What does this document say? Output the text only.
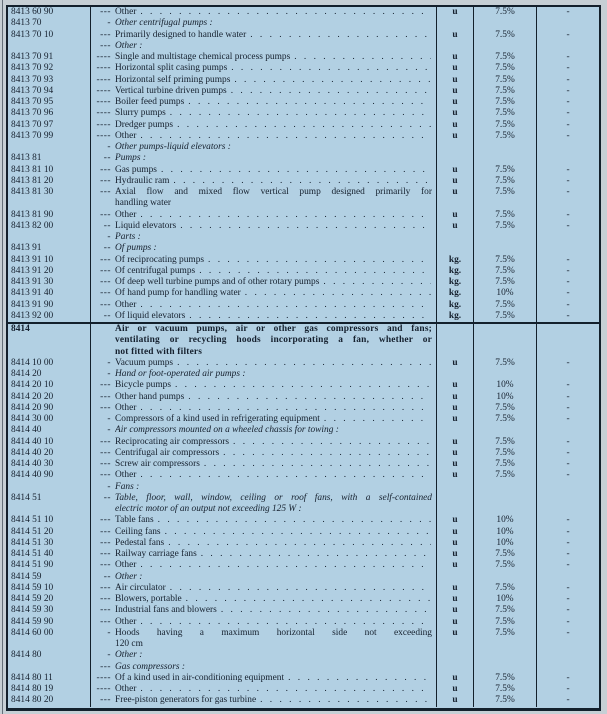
8413 60 90	--- Other . . .	u	7.5%	-
8413 70	- Other centrifugal pumps :
8413 70 10	--- Primarily designed to handle water . . .	u	7.5%	-
--- Other :
8413 70 91	---- Single and multistage chemical process pumps . . .	u	7.5%	-
8413 70 92	---- Horizontal split casing pumps . . .	u	7.5%	-
8413 70 93	---- Horizontal self priming pumps . . .	u	7.5%	-
8413 70 94	---- Vertical turbine driven pumps . . .	u	7.5%	-
8413 70 95	---- Boiler feed pumps . . .	u	7.5%	-
8413 70 96	---- Slurry pumps . . .	u	7.5%	-
8413 70 97	---- Dredger pumps . . .	u	7.5%	-
8413 70 99	---- Other . . .	u	7.5%	-
- Other pumps-liquid elevators :
8413 81	-- Pumps :
8413 81 10	--- Gas pumps . . .	u	7.5%	-
8413 81 20	--- Hydraulic ram . . .	u	7.5%	-
8413 81 30	--- Axial flow and mixed flow vertical pump designed primarily for
handling water
u	7.5%	-
8413 81 90	--- Other . . .	u	7.5%	-
8413 82 00	-- Liquid elevators . . .	u	7.5%	-
- Parts :
8413 91	-- Of pumps :
8413 91 10	--- Of reciprocating pumps . . .	kg.	7.5%	-
8413 91 20	--- Of centrifugal pumps . . .	kg.	7.5%	-
8413 91 30	--- Of deep well turbine pumps and of other rotary pumps . . .	kg.	7.5%	-
8413 91 40	--- Of hand pump for handling water . . .	kg.	10%	-
8413 91 90	--- Other . . .	kg.	7.5%	-
8413 92 00	-- Of liquid elevators . . .	kg.	7.5%	-
8414	Air or vacuum pumps, air or other gas compressors and fans;
ventilating or recycling hoods incorporating a fan, whether or
not fitted with filters
8414 10 00	- Vacuum pumps . . .	u	7.5%	-
8414 20	- Hand or foot-operated air pumps :
8414 20 10	--- Bicycle pumps . . .	u	10%	-
8414 20 20	--- Other hand pumps . . .	u	10%	-
8414 20 90	--- Other . . .	u	7.5%	-
8414 30 00	- Compressors of a kind used in refrigerating equipment . . .	u	7.5%	-
8414 40	- Air compressors mounted on a wheeled chassis for towing :
8414 40 10	--- Reciprocating air compressors . . .	u	7.5%	-
8414 40 20	--- Centrifugal air compressors . . .	u	7.5%	-
8414 40 30	--- Screw air compressors . . .	u	7.5%	-
8414 40 90	--- Other . . .	u	7.5%	-
- Fans :
8414 51	-- Table, floor, wall, window, ceiling or roof fans, with a self-contained
electric motor of an output not exceeding 125 W :
8414 51 10	--- Table fans . . .	u	10%	-
8414 51 20	--- Ceiling fans . . .	u	10%	-
8414 51 30	--- Pedestal fans . . .	u	10%	-
8414 51 40	--- Railway carriage fans . . .	u	7.5%	-
8414 51 90	--- Other . . .	u	7.5%	-
8414 59	-- Other :
8414 59 10	--- Air circulator . . .	u	7.5%	-
8414 59 20	--- Blowers, portable . . .	u	10%	-
8414 59 30	--- Industrial fans and blowers . . .	u	7.5%	-
8414 59 90	--- Other . . .	u	7.5%	-
8414 60 00	- Hoods having a maximum horizontal side not exceeding
120 cm
u	7.5%	-
8414 80	- Other :
--- Gas compressors :
8414 80 11	---- Of a kind used in air-conditioning equipment . . .	u	7.5%	-
8414 80 19	---- Other . . .	u	7.5%	-
8414 80 20	--- Free-piston generators for gas turbine . . .	u	7.5%	-
